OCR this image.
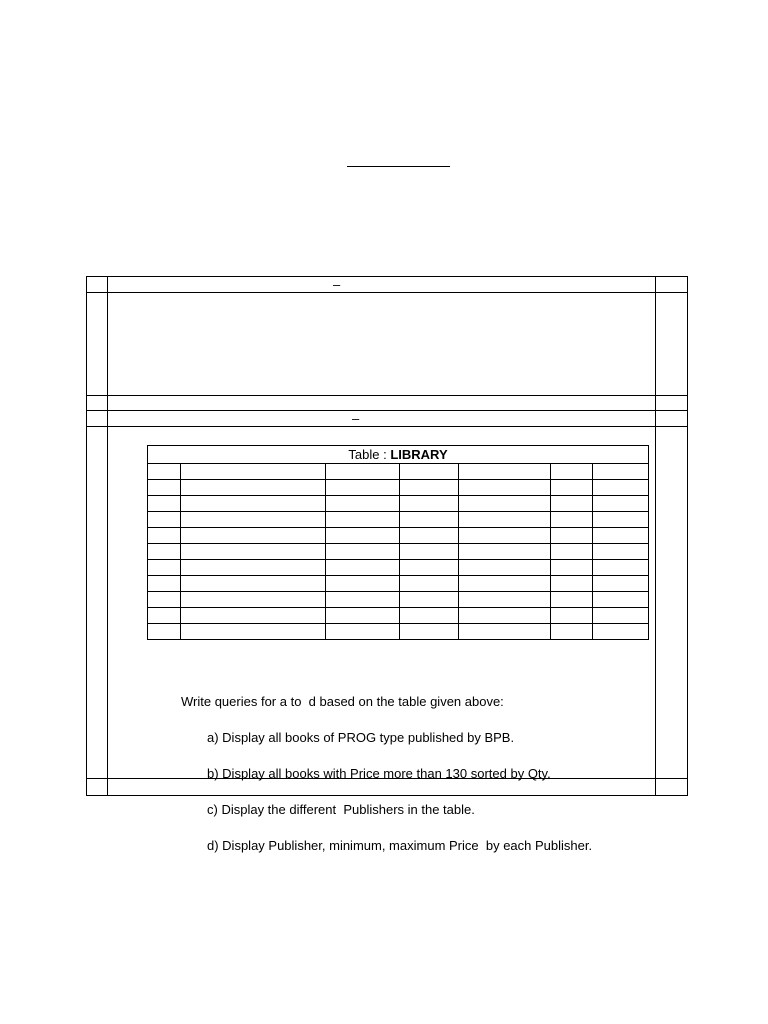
–
–
Table : LIBRARY						

Write queries for a to  d based on the table given above:

a) Display all books of PROG type published by BPB.

b) Display all books with Price more than 130 sorted by Qty.

c) Display the different  Publishers in the table.

d) Display Publisher, minimum, maximum Price  by each Publisher.
